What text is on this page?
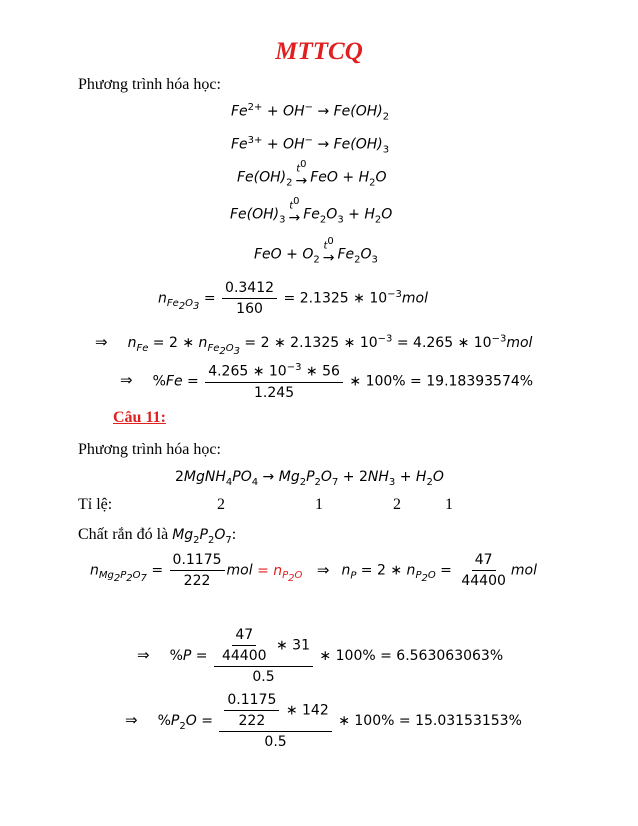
MTTCQ
Phương trình hóa học:
$Fe^{2+} + OH^- \to Fe(OH)_2$
$Fe^{3+} + OH^- \to Fe(OH)_3$
$Fe(OH)_2$
$t^0$
→ FeO + $H_2O$
$Fe(OH)_3$
$t^0$
→ $Fe_2O_3 + H_2O$
FeO + $O_2$
$t^0$
→ $Fe_2O_3$
$n_{Fe_2O_3} = \frac{0.3412}{160} = 2.1325$ ∗ $10^{-3}mol$
⇒ $n_{Fe} = 2$ ∗ $n_{Fe_2O_3} = 2$ ∗ 2.1325 ∗ $10^{-3} = 4.265$ ∗ $10^{-3}mol$
⇒ $\%Fe = \frac{4.265 ∗ 10^{-3} ∗ 56}{1.245}$ ∗ 100% = 19.18393574%
Câu 11:
Phương trình hóa học:
$2MgNH_4PO_4 \to Mg_2P_2O_7 + 2NH_3 + H_2O$
Tỉ lệ:	2	1	2	1
Chất rắn đó là $Mg_2P_2O_7$:
$n_{Mg_2P_2O_7} = \frac{0.1175}{222}$ mol = $n_{P_2O}$ ⇒ $n_P = 2$ ∗ $n_{P_2O} = \frac{47}{44400}$ mol
⇒ $\%P = \frac{\frac{47}{44400} ∗ 31}{0.5}$ ∗ 100% = 6.563063063%
⇒ $\%P_2O = \frac{\frac{0.1175}{222} ∗ 142}{0.5}$ ∗ 100% = 15.03153153%
